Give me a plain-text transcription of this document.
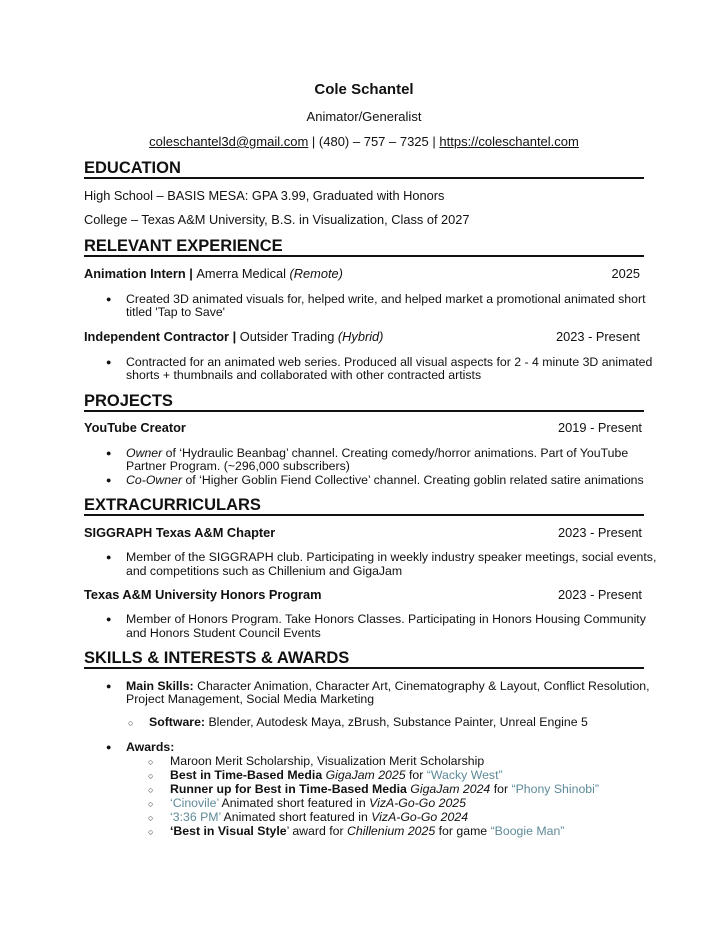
Cole Schantel
Animator/Generalist
coleschantel3d@gmail.com | (480) – 757 – 7325 | https://coleschantel.com
EDUCATION
High School – BASIS MESA: GPA 3.99, Graduated with Honors
College – Texas A&M University, B.S. in Visualization, Class of 2027
RELEVANT EXPERIENCE
Animation Intern | Amerra Medical (Remote)	2025
● Created 3D animated visuals for, helped write, and helped market a promotional animated short
titled 'Tap to Save'
Independent Contractor | Outsider Trading (Hybrid)	2023 - Present
● Contracted for an animated web series. Produced all visual aspects for 2 - 4 minute 3D animated
shorts + thumbnails and collaborated with other contracted artists
PROJECTS
YouTube Creator	2019 - Present
● Owner of ‘Hydraulic Beanbag’ channel. Creating comedy/horror animations. Part of YouTube
Partner Program. (~296,000 subscribers)
● Co-Owner of ‘Higher Goblin Fiend Collective’ channel. Creating goblin related satire animations
EXTRACURRICULARS
SIGGRAPH Texas A&M Chapter	2023 - Present
● Member of the SIGGRAPH club. Participating in weekly industry speaker meetings, social events,
and competitions such as Chillenium and GigaJam
Texas A&M University Honors Program	2023 - Present
● Member of Honors Program. Take Honors Classes. Participating in Honors Housing Community
and Honors Student Council Events
SKILLS & INTERESTS & AWARDS
● Main Skills: Character Animation, Character Art, Cinematography & Layout, Conflict Resolution,
Project Management, Social Media Marketing
○ Software: Blender, Autodesk Maya, zBrush, Substance Painter, Unreal Engine 5
● Awards:
○ Maroon Merit Scholarship, Visualization Merit Scholarship
○ Best in Time-Based Media GigaJam 2025 for “Wacky West”
○ Runner up for Best in Time-Based Media GigaJam 2024 for “Phony Shinobi”
○ ‘Cinovile’ Animated short featured in VizA-Go-Go 2025
○ ‘3:36 PM’ Animated short featured in VizA-Go-Go 2024
○ ‘Best in Visual Style’ award for Chillenium 2025 for game “Boogie Man”
